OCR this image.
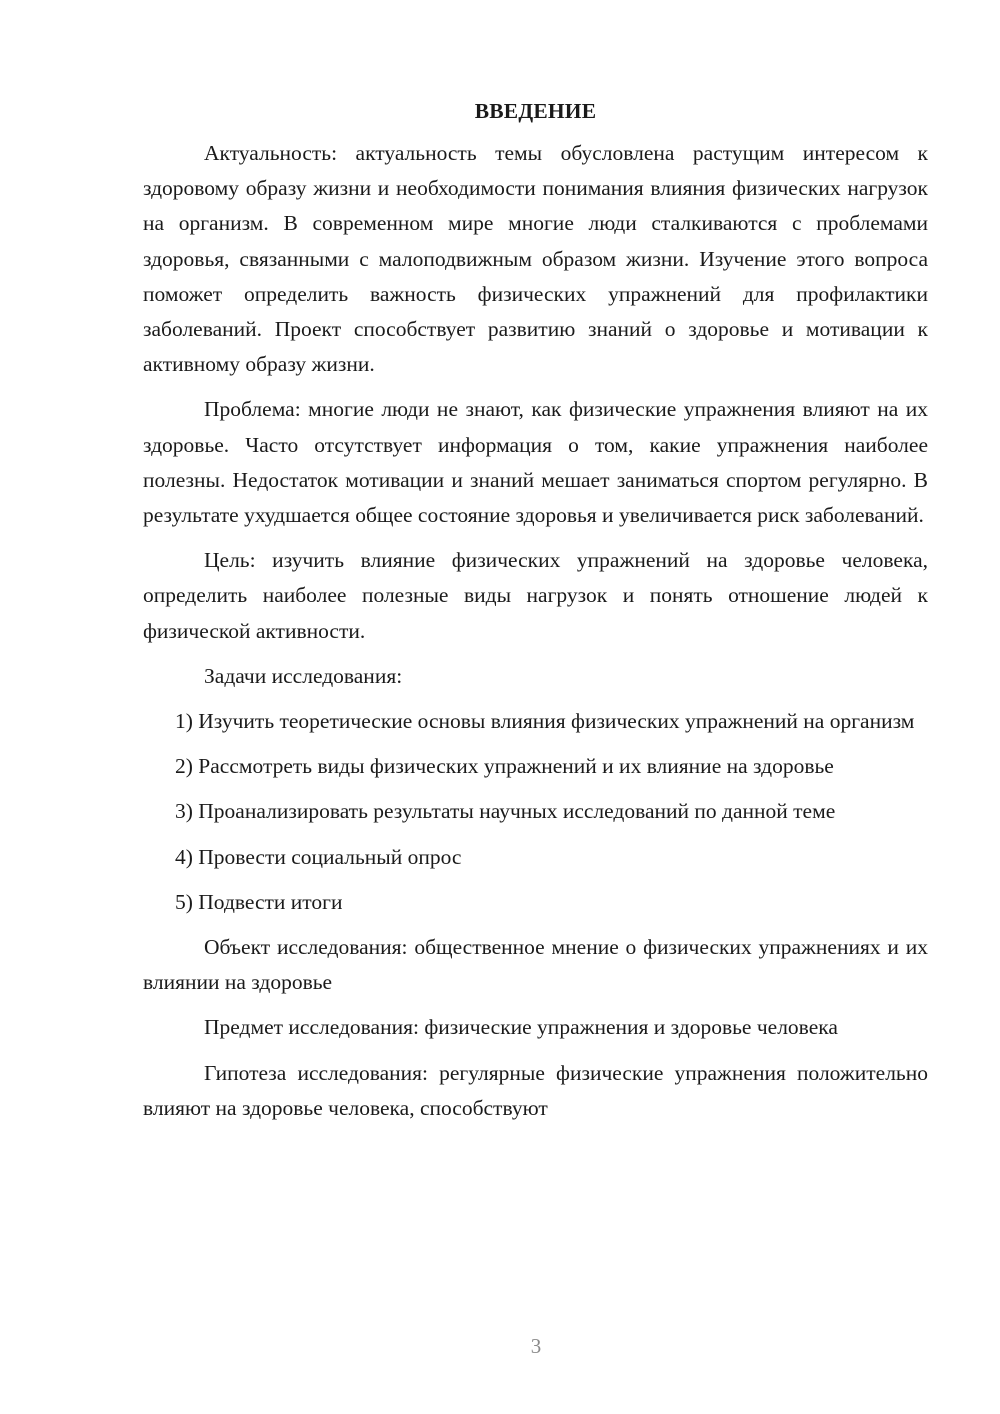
ВВЕДЕНИЕ

Актуальность: актуальность темы обусловлена растущим интересом к здоровому образу жизни и необходимости понимания влияния физических нагрузок на организм. В современном мире многие люди сталкиваются с проблемами здоровья, связанными с малоподвижным образом жизни. Изучение этого вопроса поможет определить важность физических упражнений для профилактики заболеваний. Проект способствует развитию знаний о здоровье и мотивации к активному образу жизни.

Проблема: многие люди не знают, как физические упражнения влияют на их здоровье. Часто отсутствует информация о том, какие упражнения наиболее полезны. Недостаток мотивации и знаний мешает заниматься спортом регулярно. В результате ухудшается общее состояние здоровья и увеличивается риск заболеваний.

Цель: изучить влияние физических упражнений на здоровье человека, определить наиболее полезные виды нагрузок и понять отношение людей к физической активности.

Задачи исследования:

1) Изучить теоретические основы влияния физических упражнений на организм

2) Рассмотреть виды физических упражнений и их влияние на здоровье

3) Проанализировать результаты научных исследований по данной теме

4) Провести социальный опрос

5) Подвести итоги

Объект исследования: общественное мнение о физических упражнениях и их влиянии на здоровье

Предмет исследования: физические упражнения и здоровье человека

Гипотеза исследования: регулярные физические упражнения положительно влияют на здоровье человека, способствуют

3
